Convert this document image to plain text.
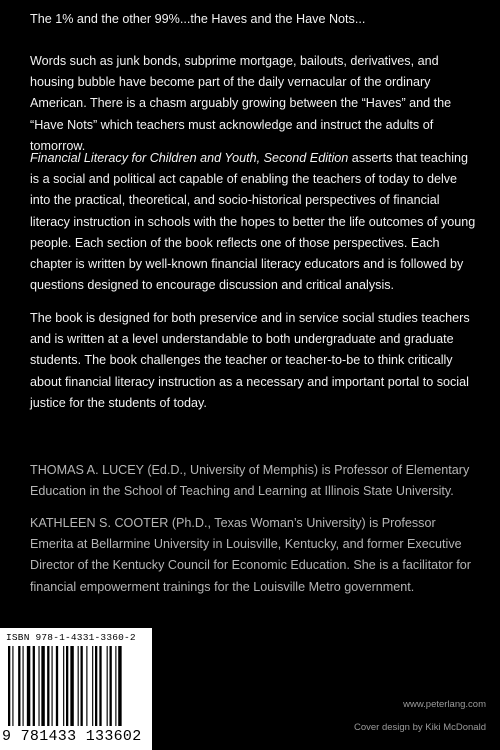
The 1% and the other 99%...the Haves and the Have Nots...

Words such as junk bonds, subprime mortgage, bailouts, derivatives, and housing bubble have become part of the daily vernacular of the ordinary American. There is a chasm arguably growing between the “Haves” and the “Have Nots” which teachers must acknowledge and instruct the adults of tomorrow.

Financial Literacy for Children and Youth, Second Edition asserts that teaching is a social and political act capable of enabling the teachers of today to delve into the practical, theoretical, and socio-historical perspectives of financial literacy instruction in schools with the hopes to better the life outcomes of young people. Each section of the book reflects one of those perspectives. Each chapter is written by well-known financial literacy educators and is followed by questions designed to encourage discussion and critical analysis.

The book is designed for both preservice and in service social studies teachers and is written at a level understandable to both undergraduate and graduate students. The book challenges the teacher or teacher-to-be to think critically about financial literacy instruction as a necessary and important portal to social justice for the students of today.

THOMAS A. LUCEY (Ed.D., University of Memphis) is Professor of Elementary Education in the School of Teaching and Learning at Illinois State University.

KATHLEEN S. COOTER (Ph.D., Texas Woman’s University) is Professor Emerita at Bellarmine University in Louisville, Kentucky, and former Executive Director of the Kentucky Council for Economic Education. She is a facilitator for financial empowerment trainings for the Louisville Metro government.

ISBN 978-1-4331-3360-2
9 781433 133602
www.peterlang.com
Cover design by Kiki McDonald
